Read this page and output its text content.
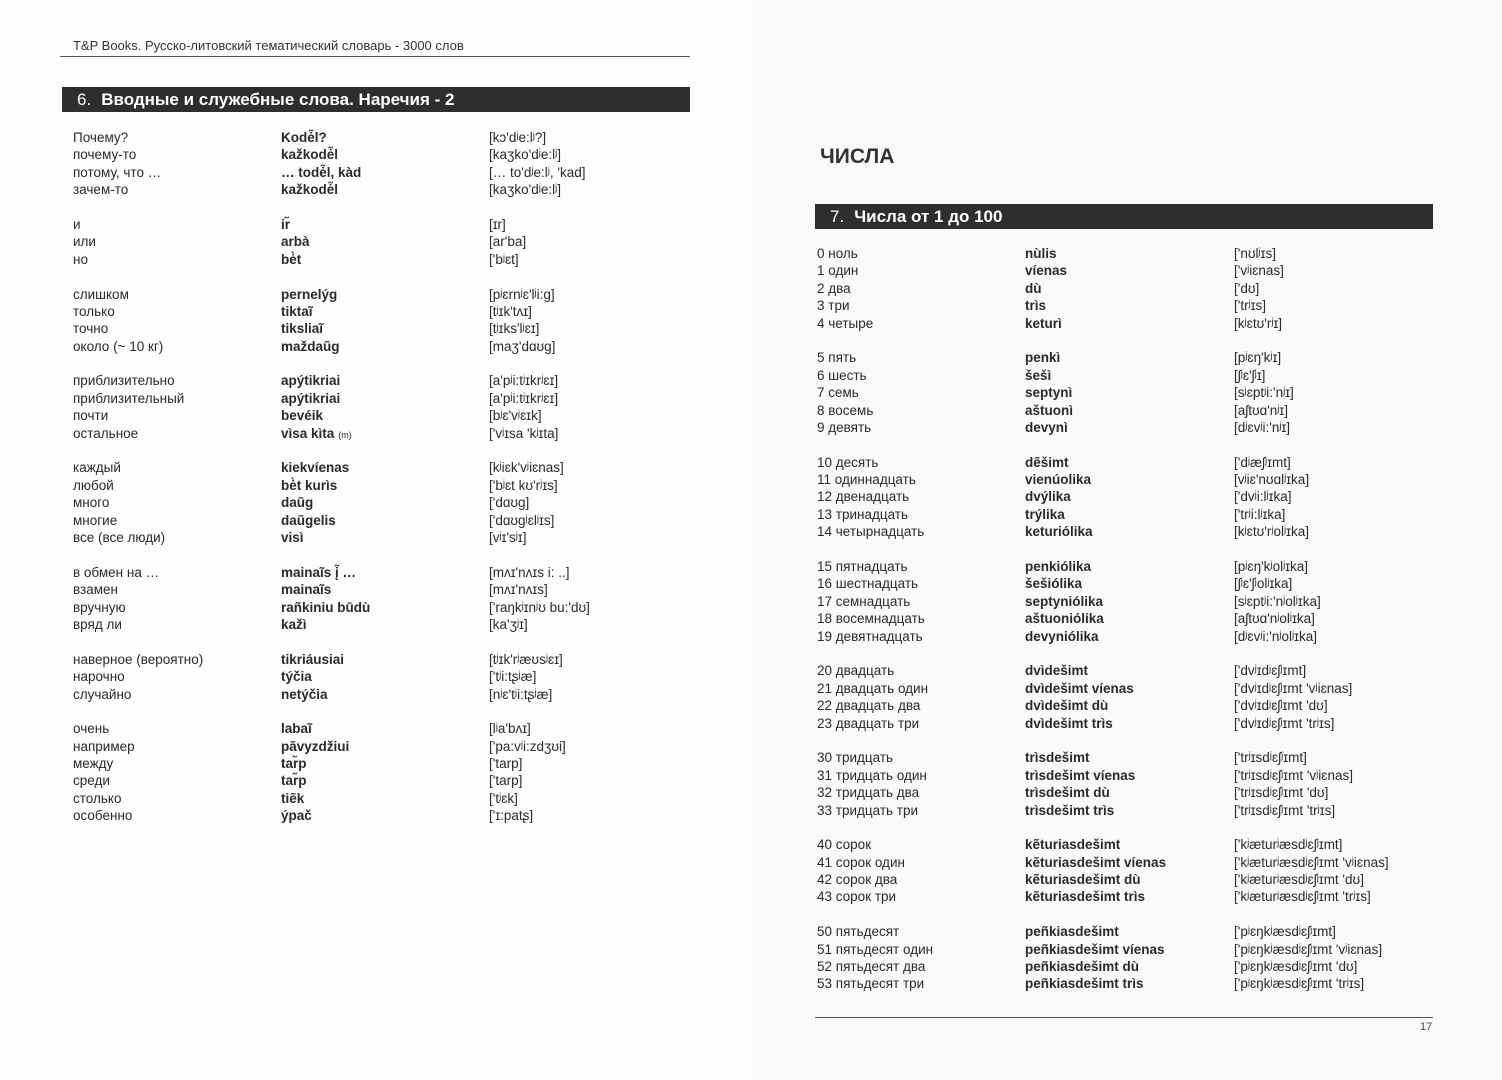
T&P Books. Русско-литовский тематический словарь - 3000 слов
6. Вводные и служебные слова. Наречия - 2
Почему?	Kodė̃l?	[kɔ'dʲe:lʲ?]
почему-то	kažkodė̃l	[kaʒko'dʲe:lʲ]
потому, что …	… todė̃l, kàd	[… to'dʲe:lʲ, 'kad]
зачем-то	kažkodė̃l	[kaʒko'dʲe:lʲ]
и	ir̃	[ɪr]
или	arbà	[ar'ba]
но	bė̀t	['bʲɛt]
слишком	pernelýg	[pʲɛrnʲɛ'lʲi:g]
только	tiktaĩ	[tʲɪk'tʌɪ]
точно	tiksliaĩ	[tʲɪks'lʲɛɪ]
около (~ 10 кг)	maždaũg	[maʒ'dɑʊg]
приблизительно	apýtikriai	[a'pʲi:tʲɪkrʲɛɪ]
приблизительный	apýtikriai	[a'pʲi:tʲɪkrʲɛɪ]
почти	bevéik	[bʲɛ'vʲɛɪk]
остальное	vìsa kìta (m)	['vʲɪsa 'kʲɪta]
каждый	kiekvíenas	[kʲiɛk'vʲiɛnas]
любой	bė̀t kurìs	['bʲɛt kʊ'rʲɪs]
много	daũg	['dɑʊg]
многие	daũgelis	['dɑʊgʲɛlʲɪs]
все (все люди)	visì	[vʲɪ'sʲɪ]
в обмен на …	mainaĩs į̃ …	[mʌɪ'nʌɪs i: ..]
взамен	mainaĩs	[mʌɪ'nʌɪs]
вручную	rañkiniu būdù	['raŋkʲɪnʲʊ bu:'dʊ]
вряд ли	kažì	[ka'ʒʲɪ]
наверное (вероятно)	tikriáusiai	[tʲɪk'rʲæʊsʲɛɪ]
нарочно	týčia	['tʲi:tʂʲæ]
случайно	netýčia	[nʲɛ'tʲi:tʂʲæ]
очень	labaĩ	[lʲa'bʌɪ]
например	pãvyzdžiui	['pa:vʲi:zdʒʊi]
между	tar̃p	['tarp]
среди	tar̃p	['tarp]
столько	tiẽk	['tʲɛk]
особенно	ýpač	['ɪ:patʂ]
ЧИСЛА
7. Числа от 1 до 100
0 ноль	nùlis	['nʊlʲɪs]
1 один	víenas	['vʲiɛnas]
2 два	dù	['dʊ]
3 три	trìs	['trʲɪs]
4 четыре	keturì	[kʲɛtʊ'rʲɪ]
5 пять	penkì	[pʲɛŋ'kʲɪ]
6 шесть	šešì	[ʃʲɛ'ʃʲɪ]
7 семь	septynì	[sʲɛptʲi:'nʲɪ]
8 восемь	aštuonì	[aʃtʊɑ'nʲɪ]
9 девять	devynì	[dʲɛvʲi:'nʲɪ]
10 десять	dẽšimt	['dʲæʃʲɪmt]
11 одиннадцать	vienúolika	[vʲiɛ'nʊɑlʲɪka]
12 двенадцать	dvýlika	['dvʲi:lʲɪka]
13 тринадцать	trýlika	['trʲi:lʲɪka]
14 четырнадцать	keturiólika	[kʲɛtʊ'rʲolʲɪka]
15 пятнадцать	penkiólika	[pʲɛŋ'kʲolʲɪka]
16 шестнадцать	šešiólika	[ʃʲɛ'ʃʲolʲɪka]
17 семнадцать	septyniólika	[sʲɛptʲi:'nʲolʲɪka]
18 восемнадцать	aštuoniólika	[aʃtʊɑ'nʲolʲɪka]
19 девятнадцать	devyniólika	[dʲɛvʲi:'nʲolʲɪka]
20 двадцать	dvìdešimt	['dvʲɪdʲɛʃʲɪmt]
21 двадцать один	dvìdešimt víenas	['dvʲɪdʲɛʃʲɪmt 'vʲiɛnas]
22 двадцать два	dvìdešimt dù	['dvʲɪdʲɛʃʲɪmt 'dʊ]
23 двадцать три	dvìdešimt trìs	['dvʲɪdʲɛʃʲɪmt 'trʲɪs]
30 тридцать	trìsdešimt	['trʲɪsdʲɛʃʲɪmt]
31 тридцать один	trìsdešimt víenas	['trʲɪsdʲɛʃʲɪmt 'vʲiɛnas]
32 тридцать два	trìsdešimt dù	['trʲɪsdʲɛʃʲɪmt 'dʊ]
33 тридцать три	trìsdešimt trìs	['trʲɪsdʲɛʃʲɪmt 'trʲɪs]
40 сорок	kẽturiasdešimt	['kʲæturʲæsdʲɛʃʲɪmt]
41 сорок один	kẽturiasdešimt víenas	['kʲæturʲæsdʲɛʃʲɪmt 'vʲiɛnas]
42 сорок два	kẽturiasdešimt dù	['kʲæturʲæsdʲɛʃʲɪmt 'dʊ]
43 сорок три	kẽturiasdešimt trìs	['kʲæturʲæsdʲɛʃʲɪmt 'trʲɪs]
50 пятьдесят	peñkiasdešimt	['pʲɛŋkʲæsdʲɛʃʲɪmt]
51 пятьдесят один	peñkiasdešimt víenas	['pʲɛŋkʲæsdʲɛʃʲɪmt 'vʲiɛnas]
52 пятьдесят два	peñkiasdešimt dù	['pʲɛŋkʲæsdʲɛʃʲɪmt 'dʊ]
53 пятьдесят три	peñkiasdešimt trìs	['pʲɛŋkʲæsdʲɛʃʲɪmt 'trʲɪs]
17
